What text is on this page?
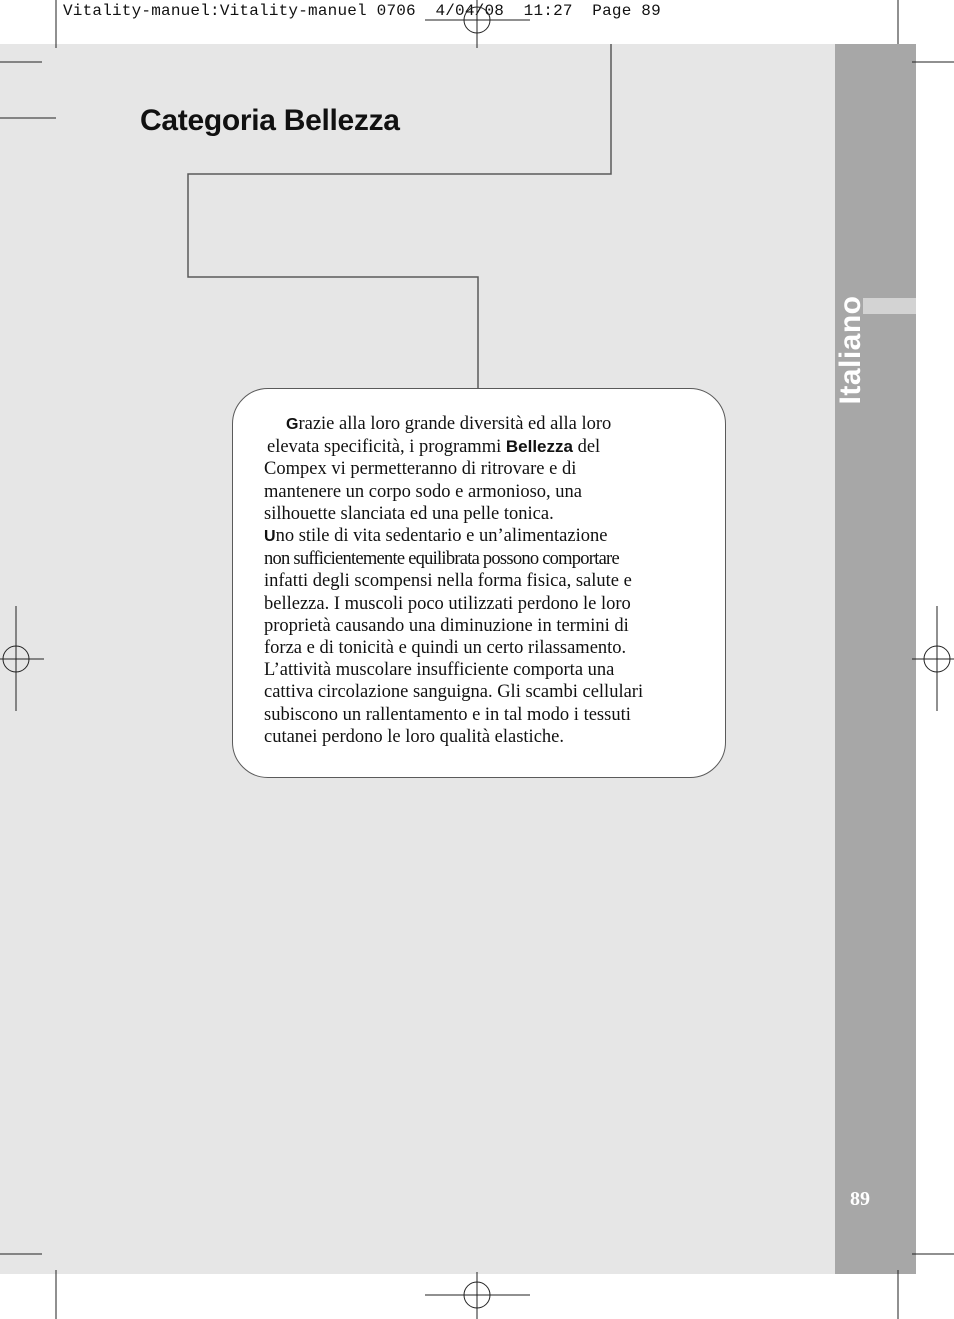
Vitality-manuel:Vitality-manuel 0706  4/04/08  11:27  Page 89
Italiano
89
Categoria Bellezza
Grazie alla loro grande diversità ed alla loro
elevata specificità, i programmi Bellezza del
Compex vi permetteranno di ritrovare e di
mantenere un corpo sodo e armonioso, una
silhouette slanciata ed una pelle tonica.
Uno stile di vita sedentario e un’alimentazione
non sufficientemente equilibrata possono comportare
infatti degli scompensi nella forma fisica, salute e
bellezza. I muscoli poco utilizzati perdono le loro
proprietà causando una diminuzione in termini di
forza e di tonicità e quindi un certo rilassamento.
L’attività muscolare insufficiente comporta una
cattiva circolazione sanguigna. Gli scambi cellulari
subiscono un rallentamento e in tal modo i tessuti
cutanei perdono le loro qualità elastiche.
